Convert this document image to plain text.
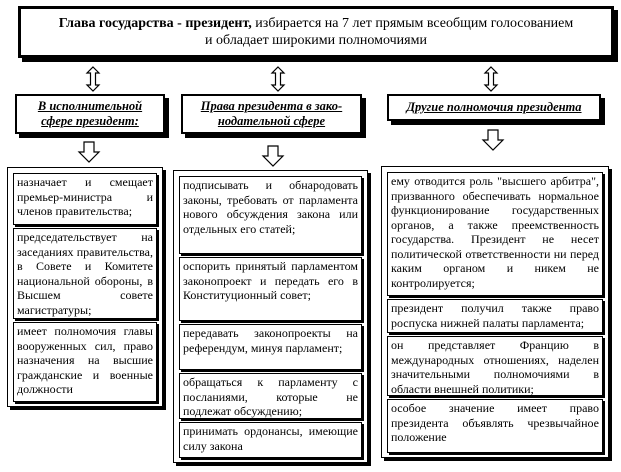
Глава государства - президент, избирается на 7 лет прямым всеобщим голосованием
и обладает широкими полномочиями
В исполнительной
сфере президент:
Права президента в зако-
нодательной сфере
Другие полномочия президента
назначает и смещает премьер-министра и членов правительства;
председательствует на заседаниях правительства, в Совете и Комитете национальной обороны, в Высшем совете магистратуры;
имеет полномочия главы вооруженных сил, право назначения на высшие гражданские и военные должности
подписывать и обнародовать законы, требовать от парламента нового обсуждения закона или отдельных его статей;
оспорить принятый парламентом законопроект и передать его в Конституционный совет;
передавать законопроекты на референдум, минуя парламент;
обращаться к парламенту с посланиями, которые не подлежат обсуждению;
принимать ордонансы, имеющие силу закона
ему отводится роль "высшего арбитра", призванного обеспечивать нормальное функционирование государственных органов, а также преемственность государства. Президент не несет политической ответственности ни перед каким органом и никем не контролируется;
президент получил также право роспуска нижней палаты парламента;
он представляет Францию в международных отношениях, наделен значительными полномочиями в области внешней политики;
особое значение имеет право президента объявлять чрезвычайное положение
